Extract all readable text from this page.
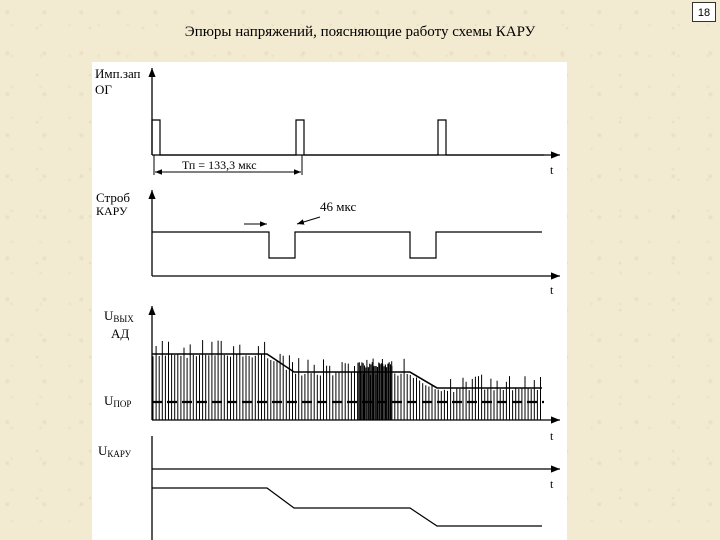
18
Эпюры напряжений, поясняющие работу схемы КАРУ
Имп.зап
ОГ
t
Тп = 133,3 мкс
Строб
КАРУ
t
46 мкс
UВЫХ
АД
t
UПОР
UКАРУ
t
